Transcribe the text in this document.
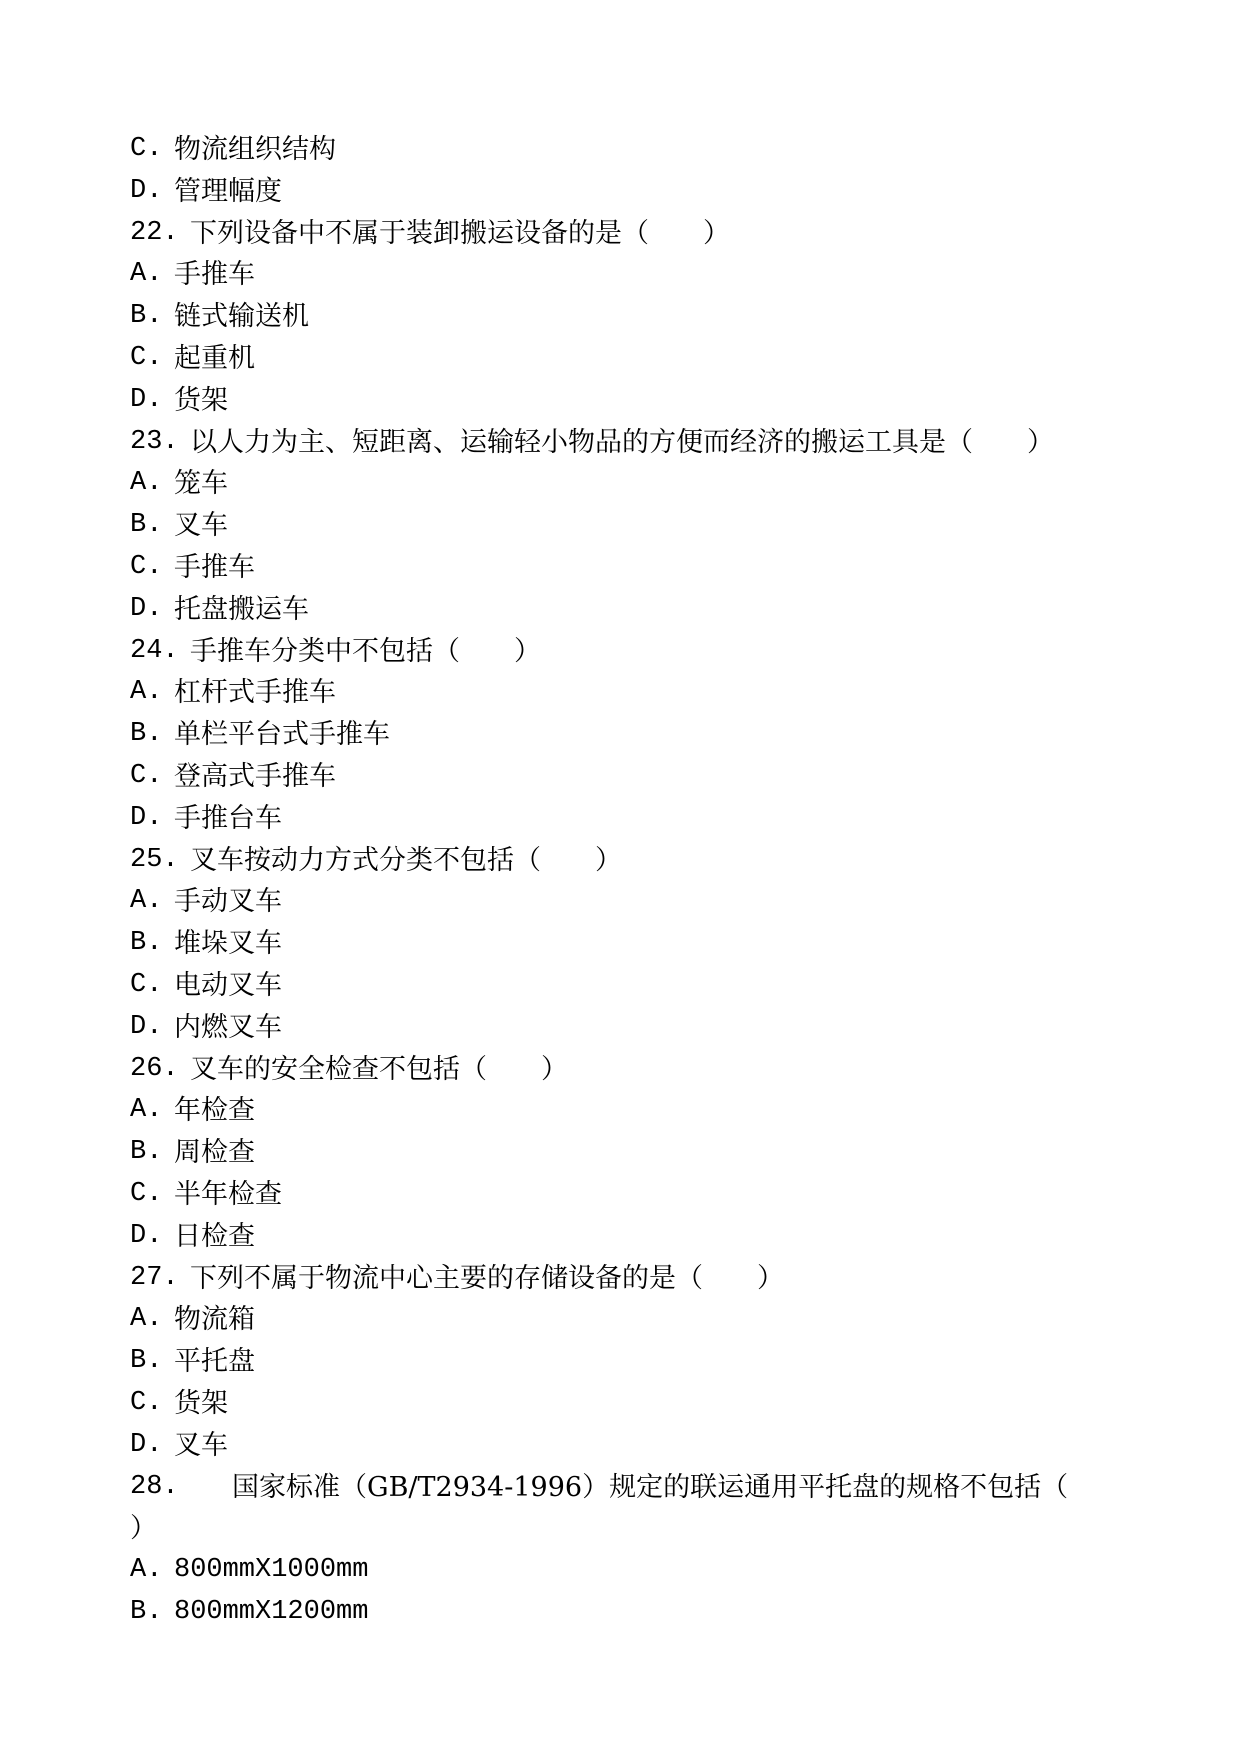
C. 物流组织结构
D. 管理幅度
22. 下列设备中不属于装卸搬运设备的是（　　）
A. 手推车
B. 链式输送机
C. 起重机
D. 货架
23. 以人力为主、短距离、运输轻小物品的方便而经济的搬运工具是（　　）
A. 笼车
B. 叉车
C. 手推车
D. 托盘搬运车
24. 手推车分类中不包括（　　）
A. 杠杆式手推车
B. 单栏平台式手推车
C. 登高式手推车
D. 手推台车
25. 叉车按动力方式分类不包括（　　）
A. 手动叉车
B. 堆垛叉车
C. 电动叉车
D. 内燃叉车
26. 叉车的安全检查不包括（　　）
A. 年检查
B. 周检查
C. 半年检查
D. 日检查
27. 下列不属于物流中心主要的存储设备的是（　　）
A. 物流箱
B. 平托盘
C. 货架
D. 叉车
28.	国家标准（GB/T2934-1996）规定的联运通用平托盘的规格不包括（
）
A. 800mmX1000mm
B. 800mmX1200mm
